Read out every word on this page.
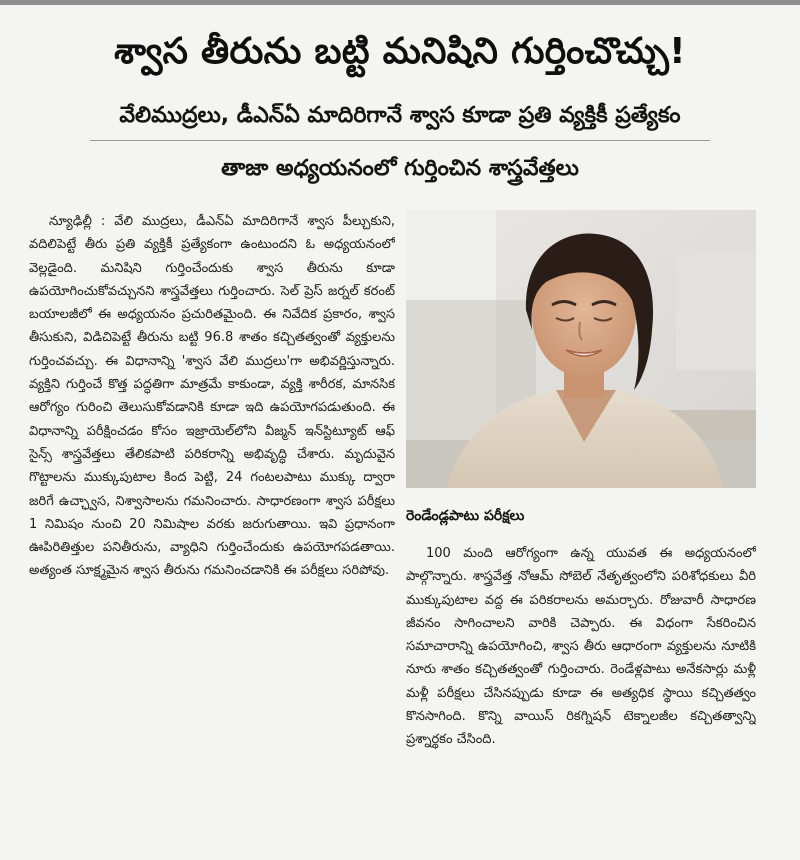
శ్వాస తీరును బట్టి మనిషిని గుర్తించొచ్చు!
వేలిముద్రలు, డీఎన్ఏ మాదిరిగానే శ్వాస కూడా ప్రతి వ్యక్తికీ ప్రత్యేకం
తాజా అధ్యయనంలో గుర్తించిన శాస్త్రవేత్తలు

న్యూఢిల్లీ : వేలి ముద్రలు, డీఎన్ఏ మాదిరిగానే శ్వాస పీల్చుకుని, వదిలిపెట్టే తీరు ప్రతి వ్యక్తికీ ప్రత్యేకంగా ఉంటుందని ఓ అధ్యయనంలో వెల్లడైంది. మనిషిని గుర్తించేందుకు శ్వాస తీరును కూడా ఉపయోగించుకోవచ్చునని శాస్త్రవేత్తలు గుర్తించారు. సెల్ ప్రెస్ జర్నల్ కరంట్ బయాలజీలో ఈ అధ్యయనం ప్రచురితమైంది. ఈ నివేదిక ప్రకారం, శ్వాస తీసుకుని, విడిచిపెట్టే తీరును బట్టి 96.8 శాతం కచ్చితత్వంతో వ్యక్తులను గుర్తించవచ్చు. ఈ విధానాన్ని 'శ్వాస వేలి ముద్రలు'గా అభివర్ణిస్తున్నారు. వ్యక్తిని గుర్తించే కొత్త పద్ధతిగా మాత్రమే కాకుండా, వ్యక్తి శారీరక, మానసిక ఆరోగ్యం గురించి తెలుసుకోవడానికి కూడా ఇది ఉపయోగపడుతుంది. ఈ విధానాన్ని పరీక్షించడం కోసం ఇజ్రాయెల్‌లోని వీజ్మన్ ఇన్‌స్టిట్యూట్ ఆఫ్ సైన్స్ శాస్త్రవేత్తలు తేలికపాటి పరికరాన్ని అభివృద్ధి చేశారు. మృదువైన గొట్టాలను ముక్కుపుటాల కింద పెట్టి, 24 గంటలపాటు ముక్కు ద్వారా జరిగే ఉచ్ఛ్వాస, నిశ్వాసాలను గమనించారు. సాధారణంగా శ్వాస పరీక్షలు 1 నిమిషం నుంచి 20 నిమిషాల వరకు జరుగుతాయి. ఇవి ప్రధానంగా ఊపిరితిత్తుల పనితీరును, వ్యాధిని గుర్తించేందుకు ఉపయోగపడతాయి. అత్యంత సూక్ష్మమైన శ్వాస తీరును గమనించడానికి ఈ పరీక్షలు సరిపోవు.

రెండేండ్లపాటు పరీక్షలు

100 మంది ఆరోగ్యంగా ఉన్న యువత ఈ అధ్యయనంలో పాల్గొన్నారు. శాస్త్రవేత్త నోఆమ్ సోబెల్ నేతృత్వంలోని పరిశోధకులు వీరి ముక్కుపుటాల వద్ద ఈ పరికరాలను అమర్చారు. రోజువారీ సాధారణ జీవనం సాగించాలని వారికి చెప్పారు. ఈ విధంగా సేకరించిన సమాచారాన్ని ఉపయోగించి, శ్వాస తీరు ఆధారంగా వ్యక్తులను నూటికి నూరు శాతం కచ్చితత్వంతో గుర్తించారు. రెండేళ్లపాటు అనేకసార్లు మళ్లీ మళ్లీ పరీక్షలు చేసినప్పుడు కూడా ఈ అత్యధిక స్థాయి కచ్చితత్వం కొనసాగింది. కొన్ని వాయిస్ రికగ్నిషన్ టెక్నాలజీల కచ్చితత్వాన్ని ప్రశ్నార్థకం చేసింది.
